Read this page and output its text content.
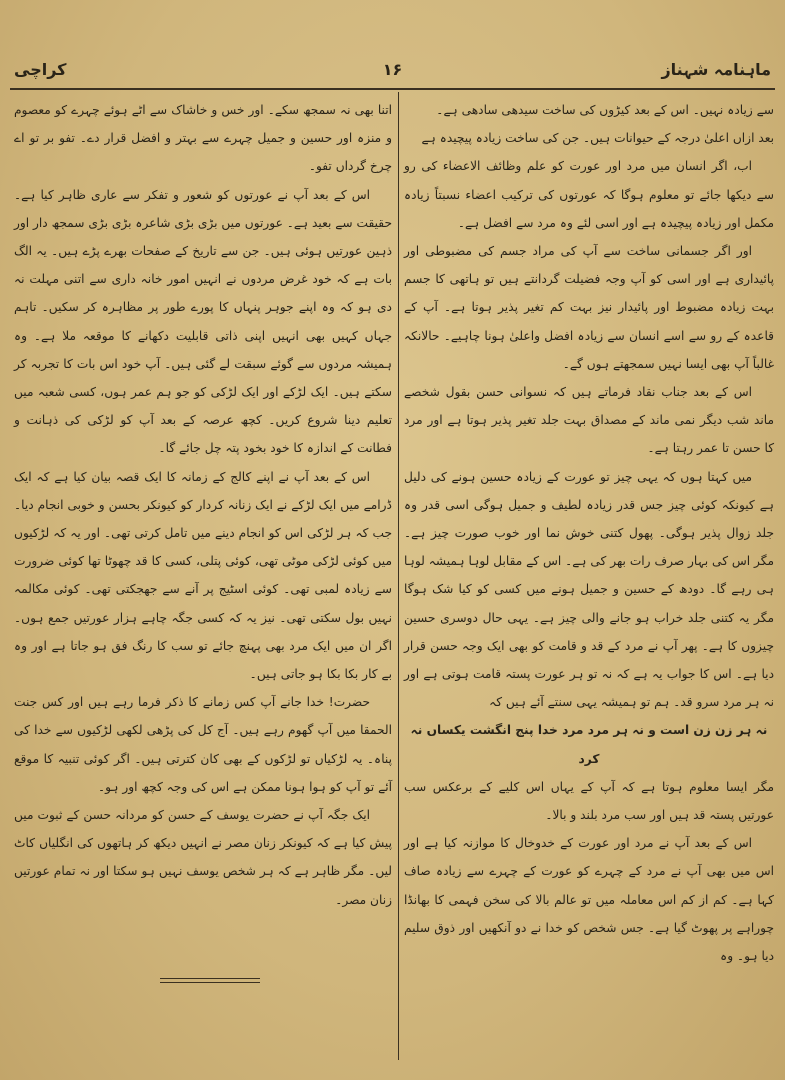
کراچی	۱۶	ماہنامہ شہناز

سے زیادہ نہیں۔ اس کے بعد کیڑوں کی ساخت سیدھی سادھی ہے۔

بعد ازاں اعلیٰ درجہ کے حیوانات ہیں۔ جن کی ساخت زیادہ پیچیدہ ہے

اب، اگر انسان میں مرد اور عورت کو علم وظائف الاعضاء کی رو سے دیکھا جائے تو معلوم ہوگا کہ عورتوں کی ترکیب اعضاء نسبتاً زیادہ مکمل اور زیادہ پیچیدہ ہے اور اسی لئے وہ مرد سے افضل ہے۔

اور اگر جسمانی ساخت سے آپ کی مراد جسم کی مضبوطی اور پائیداری ہے اور اسی کو آپ وجہ فضیلت گردانتے ہیں تو ہاتھی کا جسم بہت زیادہ مضبوط اور پائیدار نیز بہت کم تغیر پذیر ہوتا ہے۔ آپ کے قاعدہ کے رو سے اسے انسان سے زیادہ افضل واعلیٰ ہونا چاہیے۔ حالانکہ غالباً آپ بھی ایسا نہیں سمجھتے ہوں گے۔

اس کے بعد جناب نقاد فرماتے ہیں کہ نسوانی حسن بقول شخصے ماند شب دیگر نمی ماند کے مصداق بہت جلد تغیر پذیر ہوتا ہے اور مرد کا حسن تا عمر رہتا ہے۔

میں کہتا ہوں کہ یہی چیز تو عورت کے زیادہ حسین ہونے کی دلیل ہے کیونکہ کوئی چیز جس قدر زیادہ لطیف و جمیل ہوگی اسی قدر وہ جلد زوال پذیر ہوگی۔ پھول کتنی خوش نما اور خوب صورت چیز ہے۔ مگر اس کی بہار صرف رات بھر کی ہے۔ اس کے مقابل لوہا ہمیشہ لوہا ہی رہے گا۔ دودھ کے حسین و جمیل ہونے میں کسی کو کیا شک ہوگا مگر یہ کتنی جلد خراب ہو جانے والی چیز ہے۔ یہی حال دوسری حسین چیزوں کا ہے۔ پھر آپ نے مرد کے قد و قامت کو بھی ایک وجہ حسن قرار دیا ہے۔ اس کا جواب یہ ہے کہ نہ تو ہر عورت پستہ قامت ہوتی ہے اور نہ ہر مرد سرو قد۔ ہم تو ہمیشہ یہی سنتے آئے ہیں کہ

نہ ہر زن زن است و نہ ہر مرد مرد خدا پنج انگشت یکساں نہ کرد

مگر ایسا معلوم ہوتا ہے کہ آپ کے یہاں اس کلیے کے برعکس سب عورتیں پستہ قد ہیں اور سب مرد بلند و بالا۔

اس کے بعد آپ نے مرد اور عورت کے خدوخال کا موازنہ کیا ہے اور اس میں بھی آپ نے مرد کے چہرے کو عورت کے چہرے سے زیادہ صاف کہا ہے۔ کم از کم اس معاملہ میں تو عالم بالا کی سخن فہمی کا بھانڈا چوراہے پر پھوٹ گیا ہے۔ جس شخص کو خدا نے دو آنکھیں اور ذوق سلیم دیا ہو۔ وہ

اتنا بھی نہ سمجھ سکے۔ اور خس و خاشاک سے اٹے ہوئے چہرے کو معصوم و منزہ اور حسین و جمیل چہرے سے بہتر و افضل قرار دے۔ تفو بر تو اے چرخ گرداں تفو۔

اس کے بعد آپ نے عورتوں کو شعور و تفکر سے عاری ظاہر کیا ہے۔ حقیقت سے بعید ہے۔ عورتوں میں بڑی بڑی شاعرہ بڑی بڑی سمجھ دار اور ذہین عورتیں ہوئی ہیں۔ جن سے تاریخ کے صفحات بھرے پڑے ہیں۔ یہ الگ بات ہے کہ خود غرض مردوں نے انہیں امور خانہ داری سے اتنی مہلت نہ دی ہو کہ وہ اپنے جوہر پنہاں کا پورے طور پر مظاہرہ کر سکیں۔ تاہم جہاں کہیں بھی انہیں اپنی ذاتی قابلیت دکھانے کا موقعہ ملا ہے۔ وہ ہمیشہ مردوں سے گوئے سبقت لے گئی ہیں۔ آپ خود اس بات کا تجربہ کر سکتے ہیں۔ ایک لڑکے اور ایک لڑکی کو جو ہم عمر ہوں، کسی شعبہ میں تعلیم دینا شروع کریں۔ کچھ عرصہ کے بعد آپ کو لڑکی کی ذہانت و فطانت کے اندازہ کا خود بخود پتہ چل جائے گا۔

اس کے بعد آپ نے اپنے کالج کے زمانہ کا ایک قصہ بیان کیا ہے کہ ایک ڈرامے میں ایک لڑکے نے ایک زنانہ کردار کو کیونکر بحسن و خوبی انجام دیا۔ جب کہ ہر لڑکی اس کو انجام دینے میں تامل کرتی تھی۔ اور یہ کہ لڑکیوں میں کوئی لڑکی موٹی تھی، کوئی پتلی، کسی کا قد چھوٹا تھا کوئی ضرورت سے زیادہ لمبی تھی۔ کوئی اسٹیج پر آنے سے جھجکتی تھی۔ کوئی مکالمہ نہیں بول سکتی تھی۔ نیز یہ کہ کسی جگہ چاہے ہزار عورتیں جمع ہوں۔ اگر ان میں ایک مرد بھی پہنچ جائے تو سب کا رنگ فق ہو جاتا ہے اور وہ بے کار بکا بکا ہو جاتی ہیں۔

حضرت! خدا جانے آپ کس زمانے کا ذکر فرما رہے ہیں اور کس جنت الحمقا میں آپ گھوم رہے ہیں۔ آج کل کی پڑھی لکھی لڑکیوں سے خدا کی پناہ۔ یہ لڑکیاں تو لڑکوں کے بھی کان کترتی ہیں۔ اگر کوئی تنبیہ کا موقع آئے تو آپ کو ہوا ہونا ممکن ہے اس کی وجہ کچھ اور ہو۔

ایک جگہ آپ نے حضرت یوسف کے حسن کو مردانہ حسن کے ثبوت میں پیش کیا ہے کہ کیونکر زنان مصر نے انہیں دیکھ کر ہاتھوں کی انگلیاں کاٹ لیں۔ مگر ظاہر ہے کہ ہر شخص یوسف نہیں ہو سکتا اور نہ تمام عورتیں زنان مصر۔
